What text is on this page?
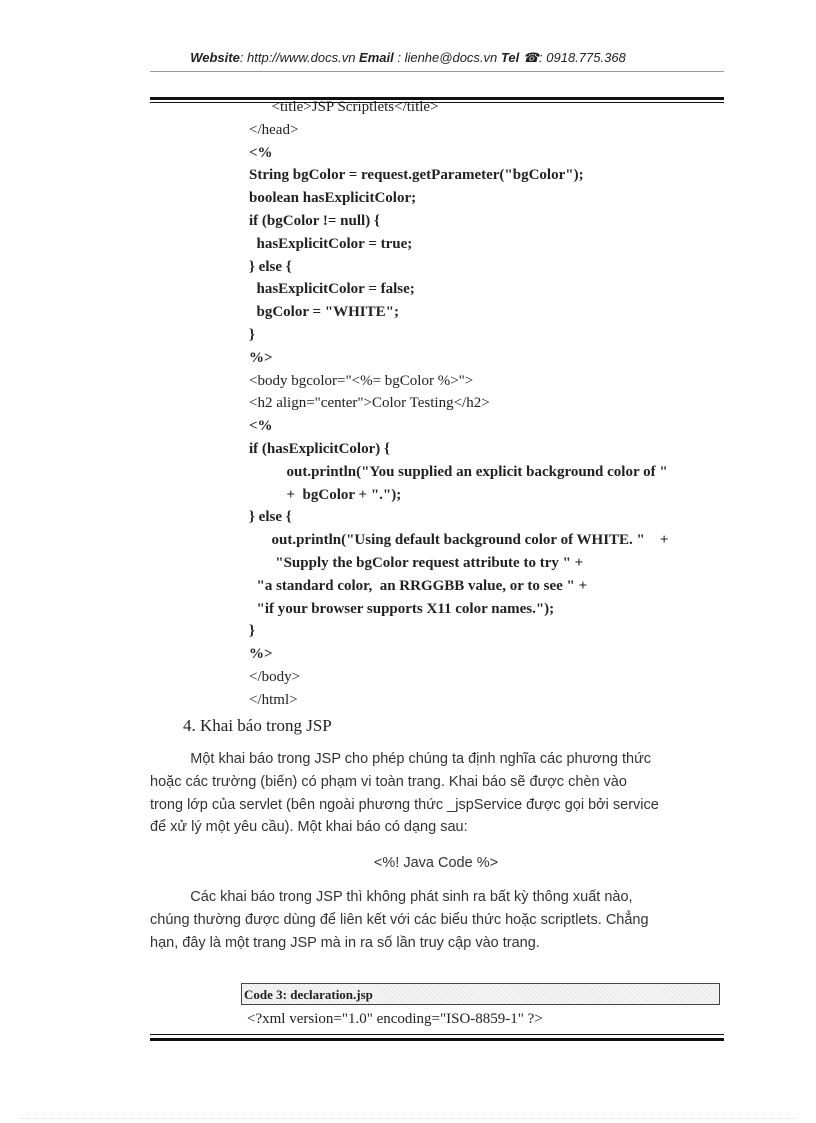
Website: http://www.docs.vn Email : lienhe@docs.vn Tel ☎: 0918.775.368
<title>JSP Scriptlets</title>
</head>
<%
String bgColor = request.getParameter("bgColor");
boolean hasExplicitColor;
if (bgColor != null) {
hasExplicitColor = true;
} else {
hasExplicitColor = false;
bgColor = "WHITE";
}
%>
<body bgcolor="<%= bgColor %>">
<h2 align="center">Color Testing</h2>
<%
if (hasExplicitColor) {
out.println("You supplied an explicit background color of "
+  bgColor + ".");
} else {
out.println("Using default background color of WHITE. "    +
"Supply the bgColor request attribute to try " +
"a standard color,  an RRGGBB value, or to see " +
"if your browser supports X11 color names.");
}
%>
</body>
</html>
4. Khai báo trong JSP
Một khai báo trong JSP cho phép chúng ta định nghĩa các phương thức
hoặc các trường (biến) có phạm vi toàn trang. Khai báo sẽ được chèn vào
trong lớp của servlet (bên ngoài phương thức _jspService được gọi bởi service
để xử lý một yêu cầu). Một khai báo có dạng sau:
<%! Java Code %>
Các khai báo trong JSP thì không phát sinh ra bất kỳ thông xuất nào,
chúng thường được dùng để liên kết với các biểu thức hoặc scriptlets. Chẳng
hạn, đây là một trang JSP mà in ra số lần truy cập vào trang.
Code 3: declaration.jsp
<?xml version="1.0" encoding="ISO-8859-1" ?>
